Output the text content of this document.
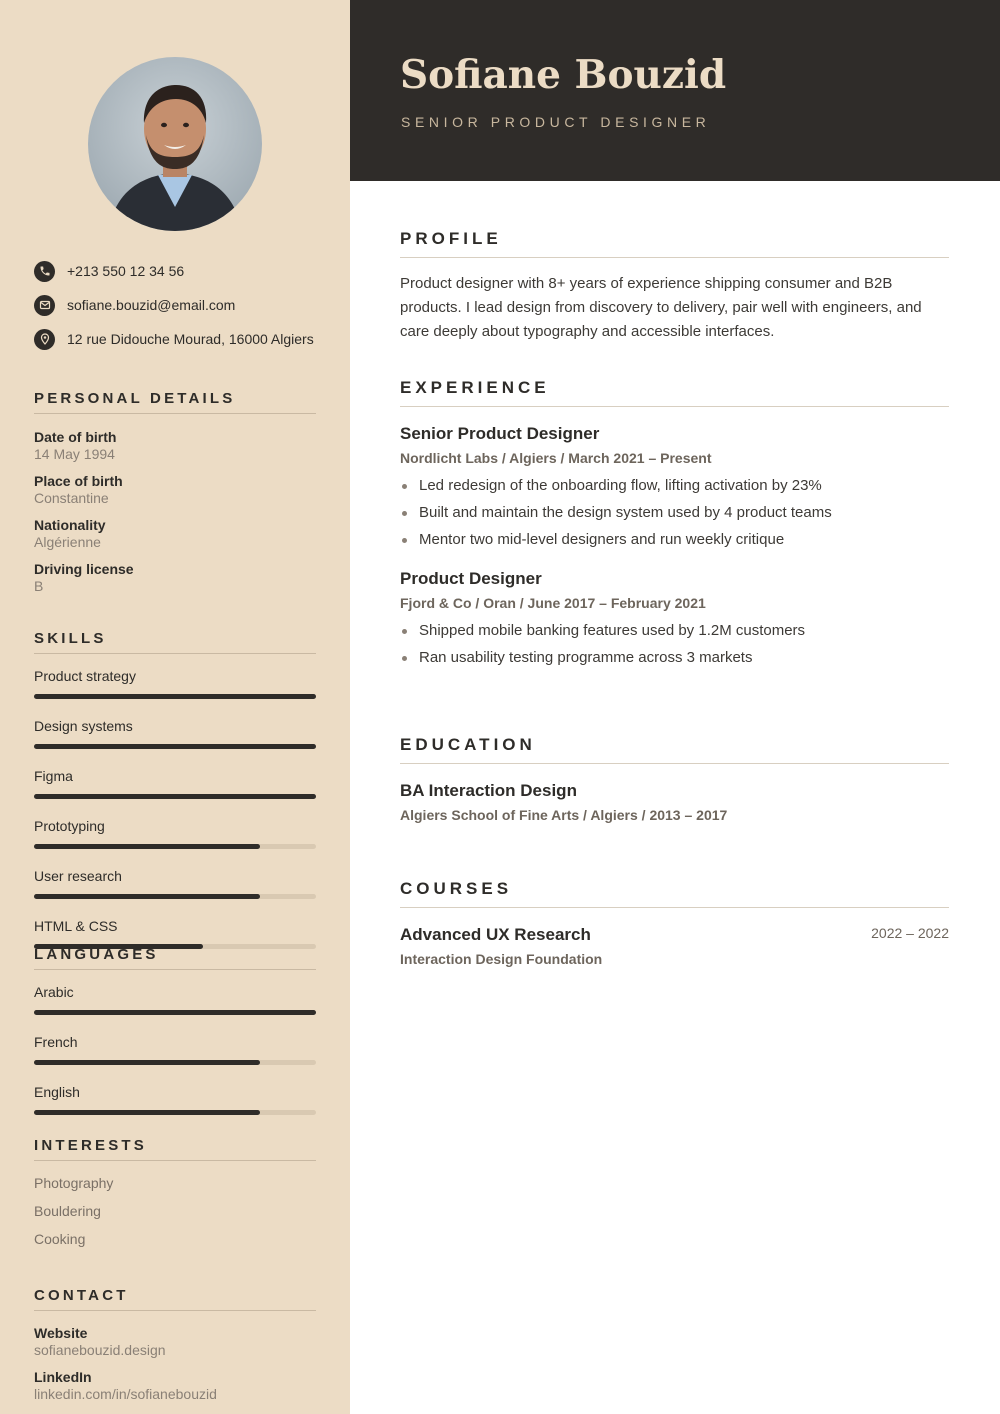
+213 550 12 34 56
sofiane.bouzid@email.com
12 rue Didouche Mourad, 16000 Algiers
PERSONAL DETAILS
Date of birth
14 May 1994
Place of birth
Constantine
Nationality
Algérienne
Driving license
B
SKILLS
Product strategy
Design systems
Figma
Prototyping
User research
HTML & CSS
LANGUAGES
Arabic
French
English
INTERESTS
Photography
Bouldering
Cooking
CONTACT
Website
sofianebouzid.design
LinkedIn
linkedin.com/in/sofianebouzid
Sofiane Bouzid
SENIOR PRODUCT DESIGNER
PROFILE

Product designer with 8+ years of experience shipping consumer and B2B products. I lead design from discovery to delivery, pair well with engineers, and care deeply about typography and accessible interfaces.

EXPERIENCE
Senior Product Designer
Nordlicht Labs / Algiers / March 2021 – Present
Led redesign of the onboarding flow, lifting activation by 23%
Built and maintain the design system used by 4 product teams
Mentor two mid-level designers and run weekly critique
Product Designer
Fjord & Co / Oran / June 2017 – February 2021
Shipped mobile banking features used by 1.2M customers
Ran usability testing programme across 3 markets
EDUCATION
BA Interaction Design
Algiers School of Fine Arts / Algiers / 2013 – 2017
COURSES
Advanced UX Research
Interaction Design Foundation
2022 – 2022
